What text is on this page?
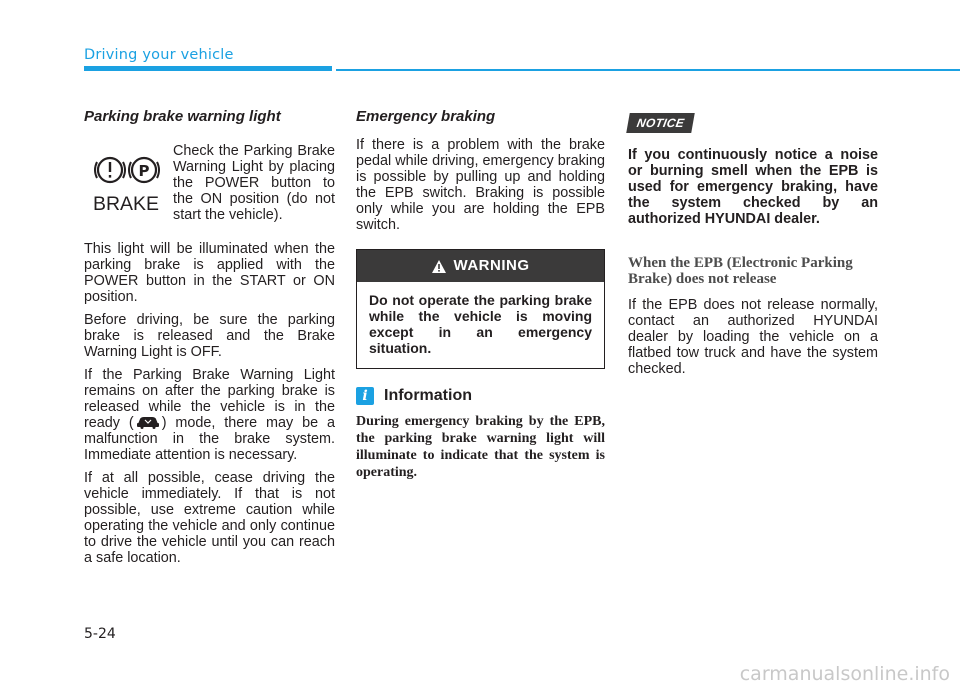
Driving your vehicle
Parking brake warning light
P
BRAKE
Check the Parking Brake Warning Light by placing the POWER button to the ON position (do not start the vehicle).

This light will be illuminated when the parking brake is applied with the POWER button in the START or ON position.

Before driving, be sure the parking brake is released and the Brake Warning Light is OFF.

If the Parking Brake Warning Light remains on after the parking brake is released while the vehicle is in the ready ( ) mode, there may be a malfunction in the brake system. Immediate attention is necessary.

If at all possible, cease driving the vehicle immediately. If that is not possible, use extreme caution while operating the vehicle and only continue to drive the vehicle until you can reach a safe location.

Emergency braking

If there is a problem with the brake pedal while driving, emergency braking is possible by pulling up and holding the EPB switch. Braking is possible only while you are holding the EPB switch.

WARNING
Do not operate the parking brake while the vehicle is moving except in an emergency situation.
i	Information
During emergency braking by the EPB, the parking brake warning light will illuminate to indicate that the system is operating.
NOTICE
If you continuously notice a noise or burning smell when the EPB is used for emergency braking, have the system checked by an authorized HYUNDAI dealer.
When the EPB (Electronic Parking Brake) does not release

If the EPB does not release normally, contact an authorized HYUNDAI dealer by loading the vehicle on a flatbed tow truck and have the system checked.

5-24
carmanualsonline.info
